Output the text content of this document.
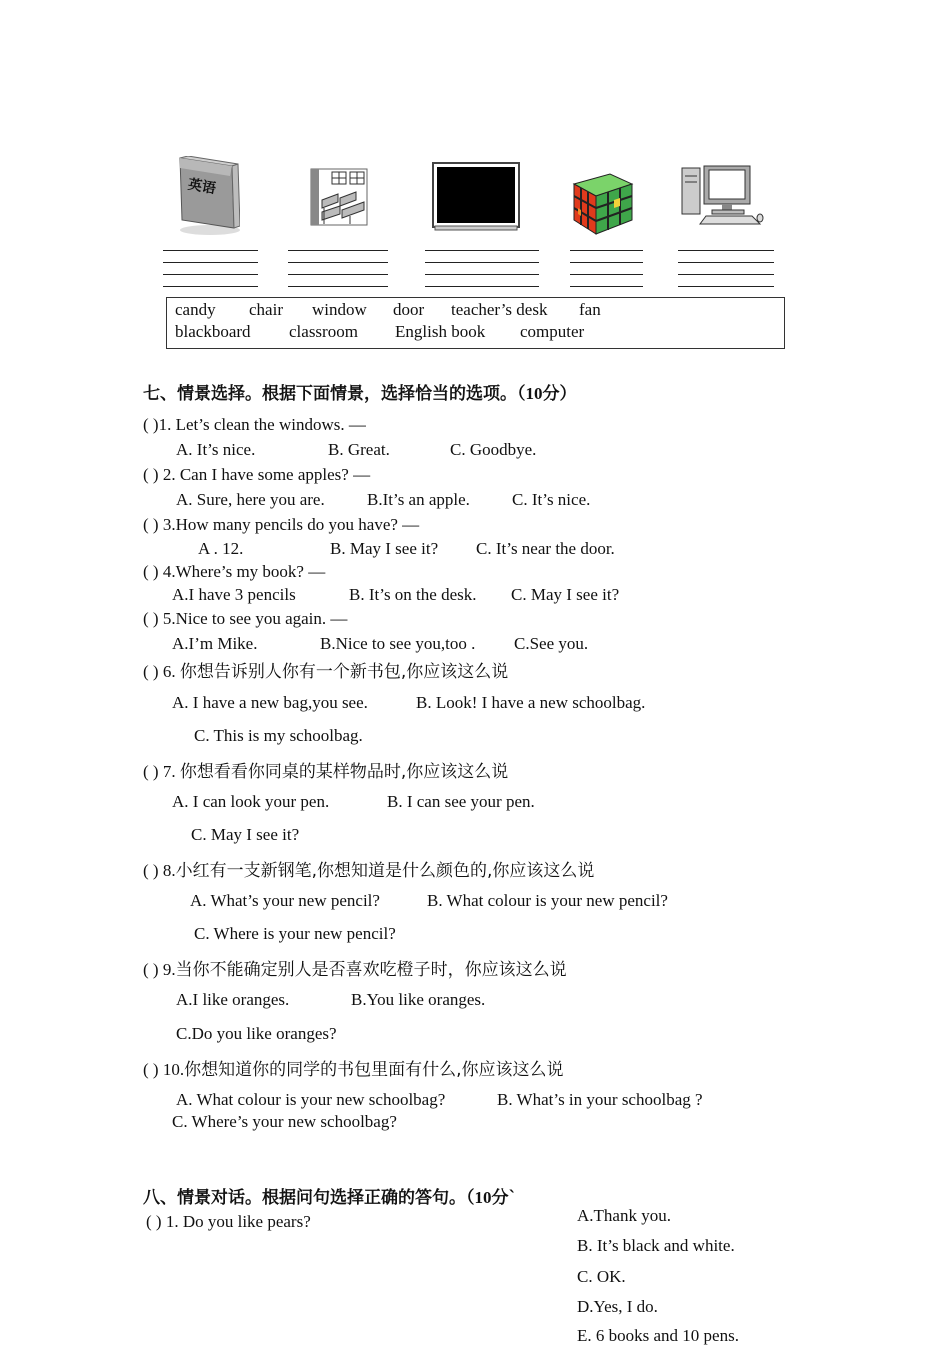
英语
candy chair window door teacher’s desk fan
blackboard classroom English book computer
七、情景选择。根据下面情景，选择恰当的选项。（10分）
( )1. Let’s clean the windows. —
A. It’s nice.	B. Great.	C. Goodbye.
( ) 2. Can I have some apples? —
A. Sure, here you are. B.It’s an apple. C. It’s nice.
( ) 3.How many pencils do you have? —
A . 12.	B. May I see it? C. It’s near the door.
( ) 4.Where’s my book? —
A.I have 3 pencils	B. It’s on the desk. C. May I see it?
( ) 5.Nice to see you again. —
A.I’m Mike.	B.Nice to see you,too . C.See you.
( ) 6. 你想告诉别人你有一个新书包,你应该这么说
A. I have a new bag,you see.	B. Look! I have a new schoolbag.
C. This is my schoolbag.
( ) 7. 你想看看你同桌的某样物品时,你应该这么说
A. I can look your pen.	B. I can see your pen.
C. May I see it?
( ) 8.小红有一支新钢笔,你想知道是什么颜色的,你应该这么说
A. What’s your new pencil?	B. What colour is your new pencil?
C. Where is your new pencil?
( ) 9.当你不能确定别人是否喜欢吃橙子时，你应该这么说
A.I like oranges.	B.You like oranges.
C.Do you like oranges?
( ) 10.你想知道你的同学的书包里面有什么,你应该这么说
A. What colour is your new schoolbag?	B. What’s in your schoolbag ?
C. Where’s your new schoolbag?
八、情景对话。根据问句选择正确的答句。（10分`
( ) 1. Do you like pears?	A.Thank you.
B. It’s black and white.
C. OK.
D.Yes, I do.
E. 6 books and 10 pens.
